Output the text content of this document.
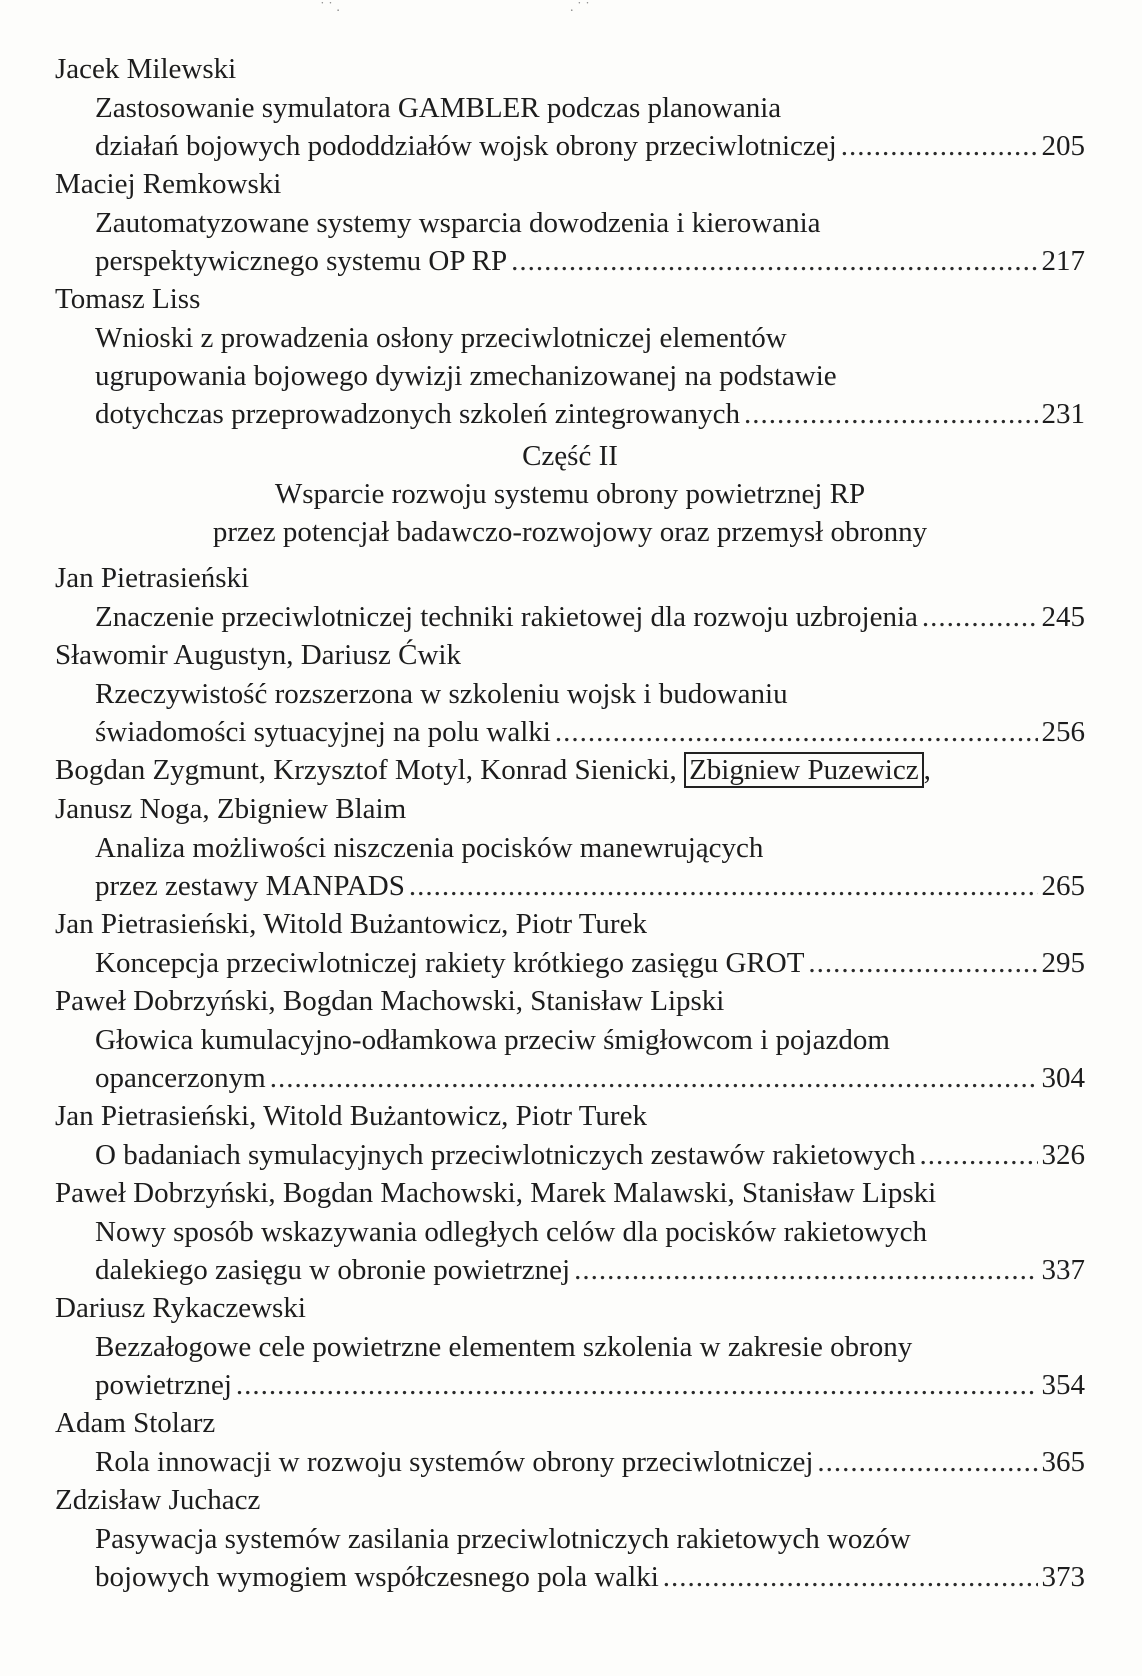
˙ ˙ .	. ˙ ˙
Jacek Milewski
Zastosowanie symulatora GAMBLER podczas planowania
działań bojowych pododdziałów wojsk obrony przeciwlotniczej .....	205
Maciej Remkowski
Zautomatyzowane systemy wsparcia dowodzenia i kierowania
perspektywicznego systemu OP RP .....	217
Tomasz Liss
Wnioski z prowadzenia osłony przeciwlotniczej elementów
ugrupowania bojowego dywizji zmechanizowanej na podstawie
dotychczas przeprowadzonych szkoleń zintegrowanych .....	231
Część II
Wsparcie rozwoju systemu obrony powietrznej RP
przez potencjał badawczo-rozwojowy oraz przemysł obronny
Jan Pietrasieński
Znaczenie przeciwlotniczej techniki rakietowej dla rozwoju uzbrojenia .....	245
Sławomir Augustyn, Dariusz Ćwik
Rzeczywistość rozszerzona w szkoleniu wojsk i budowaniu
świadomości sytuacyjnej na polu walki .....	256
Bogdan Zygmunt, Krzysztof Motyl, Konrad Sienicki, Zbigniew Puzewicz ,
Janusz Noga, Zbigniew Blaim
Analiza możliwości niszczenia pocisków manewrujących
przez zestawy MANPADS .....	265
Jan Pietrasieński, Witold Bużantowicz, Piotr Turek
Koncepcja przeciwlotniczej rakiety krótkiego zasięgu GROT .....	295
Paweł Dobrzyński, Bogdan Machowski, Stanisław Lipski
Głowica kumulacyjno-odłamkowa przeciw śmigłowcom i pojazdom
opancerzonym .....	304
Jan Pietrasieński, Witold Bużantowicz, Piotr Turek
O badaniach symulacyjnych przeciwlotniczych zestawów rakietowych .....	326
Paweł Dobrzyński, Bogdan Machowski, Marek Malawski, Stanisław Lipski
Nowy sposób wskazywania odległych celów dla pocisków rakietowych
dalekiego zasięgu w obronie powietrznej .....	337
Dariusz Rykaczewski
Bezzałogowe cele powietrzne elementem szkolenia w zakresie obrony
powietrznej .....	354
Adam Stolarz
Rola innowacji w rozwoju systemów obrony przeciwlotniczej .....	365
Zdzisław Juchacz
Pasywacja systemów zasilania przeciwlotniczych rakietowych wozów
bojowych wymogiem współczesnego pola walki .....	373
